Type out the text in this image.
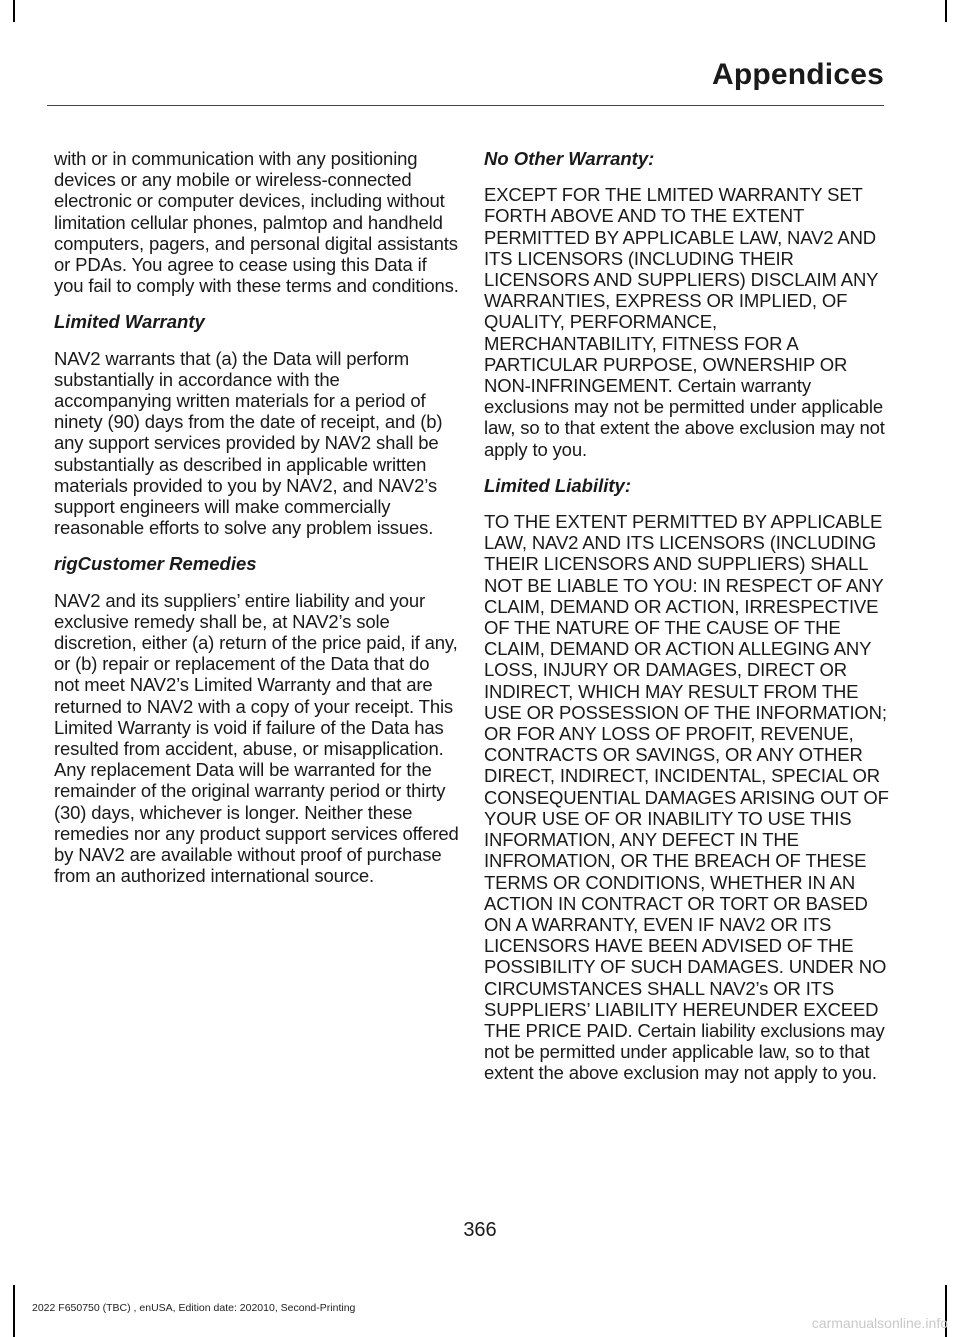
Appendices

with or in communication with any positioning devices or any mobile or wireless-connected electronic or computer devices, including without limitation cellular phones, palmtop and handheld computers, pagers, and personal digital assistants or PDAs. You agree to cease using this Data if you fail to comply with these terms and conditions.

Limited Warranty

NAV2 warrants that (a) the Data will perform substantially in accordance with the accompanying written materials for a period of ninety (90) days from the date of receipt, and (b) any support services provided by NAV2 shall be substantially as described in applicable written materials provided to you by NAV2, and NAV2’s support engineers will make commercially reasonable efforts to solve any problem issues.

rigCustomer Remedies

NAV2 and its suppliers’ entire liability and your exclusive remedy shall be, at NAV2’s sole discretion, either (a) return of the price paid, if any, or (b) repair or replacement of the Data that do not meet NAV2’s Limited Warranty and that are returned to NAV2 with a copy of your receipt. This Limited Warranty is void if failure of the Data has resulted from accident, abuse, or misapplication. Any replacement Data will be warranted for the remainder of the original warranty period or thirty (30) days, whichever is longer. Neither these remedies nor any product support services offered by NAV2 are available without proof of purchase from an authorized international source.

No Other Warranty:

EXCEPT FOR THE LMITED WARRANTY SET FORTH ABOVE AND TO THE EXTENT PERMITTED BY APPLICABLE LAW, NAV2 AND ITS LICENSORS (INCLUDING THEIR LICENSORS AND SUPPLIERS) DISCLAIM ANY WARRANTIES, EXPRESS OR IMPLIED, OF QUALITY, PERFORMANCE, MERCHANTABILITY, FITNESS FOR A PARTICULAR PURPOSE, OWNERSHIP OR NON-INFRINGEMENT. Certain warranty exclusions may not be permitted under applicable law, so to that extent the above exclusion may not apply to you.

Limited Liability:

TO THE EXTENT PERMITTED BY APPLICABLE LAW, NAV2 AND ITS LICENSORS (INCLUDING THEIR LICENSORS AND SUPPLIERS) SHALL NOT BE LIABLE TO YOU: IN RESPECT OF ANY CLAIM, DEMAND OR ACTION, IRRESPECTIVE OF THE NATURE OF THE CAUSE OF THE CLAIM, DEMAND OR ACTION ALLEGING ANY LOSS, INJURY OR DAMAGES, DIRECT OR INDIRECT, WHICH MAY RESULT FROM THE USE OR POSSESSION OF THE INFORMATION; OR FOR ANY LOSS OF PROFIT, REVENUE, CONTRACTS OR SAVINGS, OR ANY OTHER DIRECT, INDIRECT, INCIDENTAL, SPECIAL OR CONSEQUENTIAL DAMAGES ARISING OUT OF YOUR USE OF OR INABILITY TO USE THIS INFORMATION, ANY DEFECT IN THE INFROMATION, OR THE BREACH OF THESE TERMS OR CONDITIONS, WHETHER IN AN ACTION IN CONTRACT OR TORT OR BASED ON A WARRANTY, EVEN IF NAV2 OR ITS LICENSORS HAVE BEEN ADVISED OF THE POSSIBILITY OF SUCH DAMAGES. UNDER NO CIRCUMSTANCES SHALL NAV2’s OR ITS SUPPLIERS’ LIABILITY HEREUNDER EXCEED THE PRICE PAID. Certain liability exclusions may not be permitted under applicable law, so to that extent the above exclusion may not apply to you.

366
2022 F650750 (TBC) , enUSA, Edition date: 202010, Second-Printing
carmanualsonline.info
